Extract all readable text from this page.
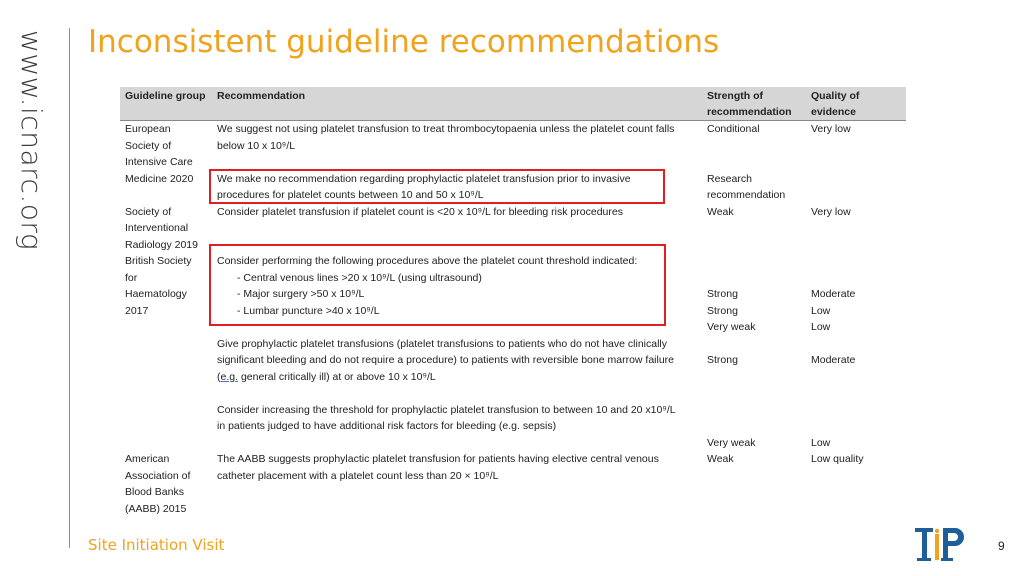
www.icnarc.org Inconsistent guideline recommendations
Guideline group Recommendation	Strength of
recommendation
Quality of
evidence
European
Society of
Intensive Care
Medicine 2020
Society of
Interventional
Radiology 2019
British Society
for
Haematology
2017
American
Association of
Blood Banks
(AABB) 2015
We suggest not using platelet transfusion to treat thrombocytopaenia unless the platelet count falls
below 10 x 10⁹/L
We make no recommendation regarding prophylactic platelet transfusion prior to invasive
procedures for platelet counts between 10 and 50 x 10⁹/L
Consider platelet transfusion if platelet count is <20 x 10⁹/L for bleeding risk procedures
Consider performing the following procedures above the platelet count threshold indicated:
- Central venous lines >20 x 10⁹/L (using ultrasound)
- Major surgery >50 x 10⁹/L
- Lumbar puncture >40 x 10⁹/L
Give prophylactic platelet transfusions (platelet transfusions to patients who do not have clinically
significant bleeding and do not require a procedure) to patients with reversible bone marrow failure
(e.g. general critically ill) at or above 10 x 10⁹/L
Consider increasing the threshold for prophylactic platelet transfusion to between 10 and 20 x10⁹/L
in patients judged to have additional risk factors for bleeding (e.g. sepsis)
The AABB suggests prophylactic platelet transfusion for patients having elective central venous
catheter placement with a platelet count less than 20 × 10⁹/L
Conditional
Research
recommendation
Weak
Strong
Strong
Very weak
Strong
Very weak
Weak
Very low
Very low
Moderate
Low
Low
Moderate
Low
Low quality
Site Initiation Visit	9
